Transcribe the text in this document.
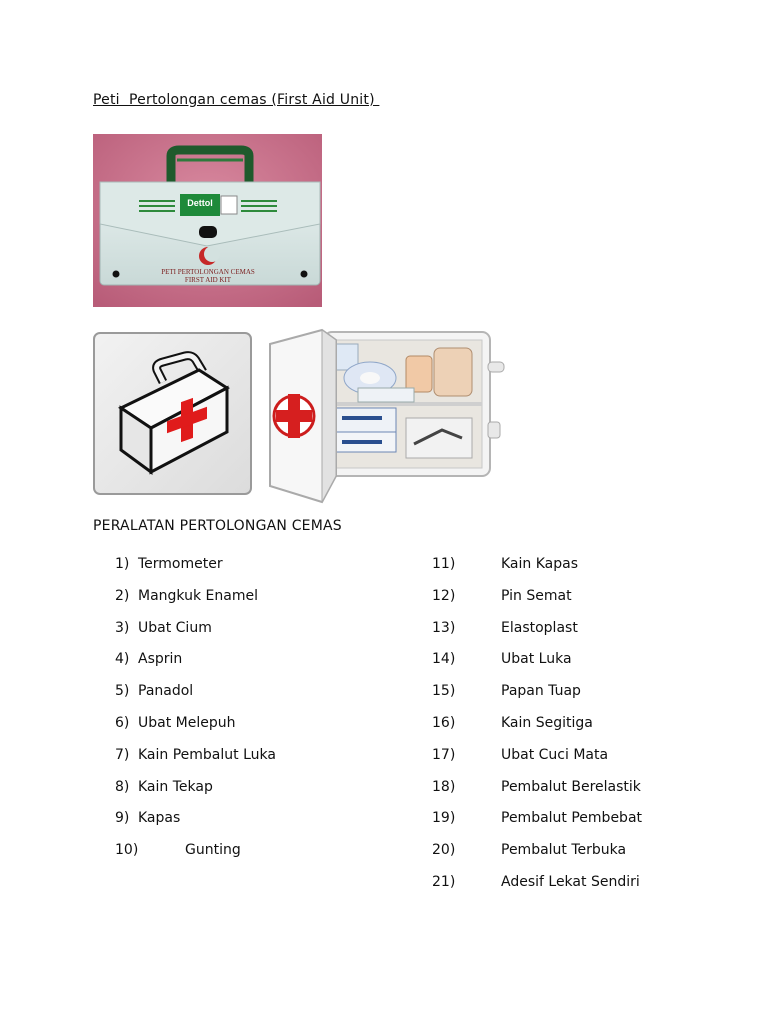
Peti  Pertolongan cemas (First Aid Unit)
Dettol
PETI PERTOLONGAN CEMAS
FIRST AID KIT
PERALATAN PERTOLONGAN CEMAS
1) Termometer
2) Mangkuk Enamel
3) Ubat Cium
4) Asprin
5) Panadol
6) Ubat Melepuh
7) Kain Pembalut Luka
8) Kain Tekap
9) Kapas
10)	Gunting
11)	Kain Kapas
12)	Pin Semat
13)	Elastoplast
14)	Ubat Luka
15)	Papan Tuap
16)	Kain Segitiga
17)	Ubat Cuci Mata
18)	Pembalut Berelastik
19)	Pembalut Pembebat
20)	Pembalut Terbuka
21)	Adesif Lekat Sendiri
